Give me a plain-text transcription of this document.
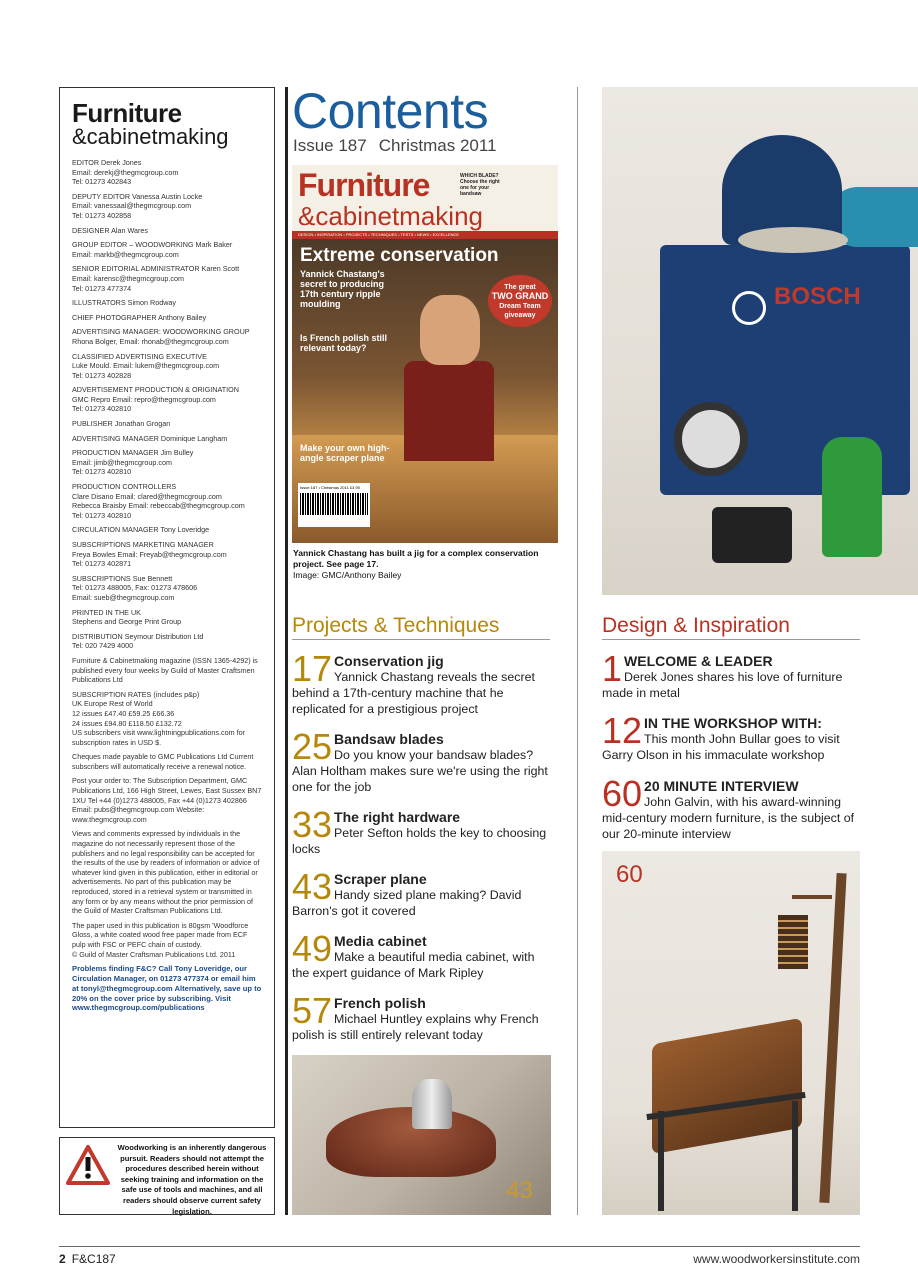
Furniture
&cabinetmaking
EDITOR Derek Jones
Email: derekj@thegmcgroup.com
Tel: 01273 402843
DEPUTY EDITOR Vanessa Austin Locke
Email: vanessaal@thegmcgroup.com
Tel: 01273 402858
DESIGNER Alan Wares
GROUP EDITOR – WOODWORKING Mark Baker
Email: markb@thegmcgroup.com
SENIOR EDITORIAL ADMINISTRATOR Karen Scott
Email: karensc@thegmcgroup.com
Tel: 01273 477374
ILLUSTRATORS Simon Rodway
CHIEF PHOTOGRAPHER Anthony Bailey
ADVERTISING MANAGER: WOODWORKING GROUP
Rhona Bolger, Email: rhonab@thegmcgroup.com
CLASSIFIED ADVERTISING EXECUTIVE
Luke Mould. Email: lukem@thegmcgroup.com
Tel: 01273 402828
ADVERTISEMENT PRODUCTION & ORIGINATION
GMC Repro Email: repro@thegmcgroup.com
Tel: 01273 402810
PUBLISHER Jonathan Grogan
ADVERTISING MANAGER Dominique Langham
PRODUCTION MANAGER Jim Bulley
Email: jimb@thegmcgroup.com
Tel: 01273 402810
PRODUCTION CONTROLLERS
Clare Disano Email: clared@thegmcgroup.com
Rebecca Braisby Email: rebeccab@thegmcgroup.com
Tel: 01273 402810
CIRCULATION MANAGER Tony Loveridge
SUBSCRIPTIONS MARKETING MANAGER
Freya Bowles Email: Freyab@thegmcgroup.com
Tel: 01273 402871
SUBSCRIPTIONS Sue Bennett
Tel: 01273 488005, Fax: 01273 478606
Email: sueb@thegmcgroup.com
PRINTED IN THE UK
Stephens and George Print Group
DISTRIBUTION Seymour Distribution Ltd
Tel: 020 7429 4000
Furniture & Cabinetmaking magazine (ISSN 1365-4292) is published every four weeks by Guild of Master Craftsmen Publications Ltd
SUBSCRIPTION RATES (includes p&p)
UK Europe Rest of World
12 issues £47.40 £59.25 £66.36
24 issues £94.80 £118.50 £132.72
US subscribers visit www.lightningpublications.com for subscription rates in USD $.
Cheques made payable to GMC Publications Ltd Current subscribers will automatically receive a renewal notice.
Post your order to: The Subscription Department, GMC Publications Ltd, 166 High Street, Lewes, East Sussex BN7 1XU Tel +44 (0)1273 488005, Fax +44 (0)1273 402866 Email: pubs@thegmcgroup.com Website: www.thegmcgroup.com
Views and comments expressed by individuals in the magazine do not necessarily represent those of the publishers and no legal responsibility can be accepted for the results of the use by readers of information or advice of whatever kind given in this publication, either in editorial or advertisements. No part of this publication may be reproduced, stored in a retrieval system or transmitted in any form or by any means without the prior permission of the Guild of Master Craftsman Publications Ltd.
The paper used in this publication is 80gsm 'Woodforce Gloss, a white coated wood free paper made from ECF pulp with FSC or PEFC chain of custody.
© Guild of Master Craftsman Publications Ltd. 2011
Problems finding F&C? Call Tony Loveridge, our Circulation Manager, on 01273 477374 or email him at tonyl@thegmcgroup.com Alternatively, save up to 20% on the cover price by subscribing. Visit www.thegmcgroup.com/publications
Woodworking is an inherently dangerous pursuit. Readers should not attempt the procedures described herein without seeking training and information on the safe use of tools and machines, and all readers should observe current safety legislation.
Contents
Issue 187 Christmas 2011
Furniture
&cabinetmaking
WHICH BLADE? Choose the right one for your bandsaw
DESIGN • INSPIRATION • PROJECTS • TECHNIQUES • TESTS • NEWS • EXCELLENCE
Extreme conservation
Yannick Chastang's secret to producing 17th century ripple moulding
The great
TWO GRAND
Dream Team giveaway
Is French polish still relevant today?
Make your own high-angle scraper plane
Issue 187 • Christmas 2011 £3.95
Yannick Chastang has built a jig for a complex conservation project. See page 17.
Image: GMC/Anthony Bailey
Projects & Techniques
17 Conservation jig
Yannick Chastang reveals the secret behind a 17th-century machine that he replicated for a prestigious project
25 Bandsaw blades
Do you know your bandsaw blades? Alan Holtham makes sure we're using the right one for the job
33 The right hardware
Peter Sefton holds the key to choosing locks
43 Scraper plane
Handy sized plane making? David Barron's got it covered
49 Media cabinet
Make a beautiful media cabinet, with the expert guidance of Mark Ripley
57 French polish
Michael Huntley explains why French polish is still entirely relevant today
43
BOSCH
Design & Inspiration
1 WELCOME & LEADER
Derek Jones shares his love of furniture made in metal
12 IN THE WORKSHOP WITH:
This month John Bullar goes to visit Garry Olson in his immaculate workshop
60 20 MINUTE INTERVIEW
John Galvin, with his award-winning mid-century modern furniture, is the subject of our 20-minute interview
60
2 F&C187	www.woodworkersinstitute.com
